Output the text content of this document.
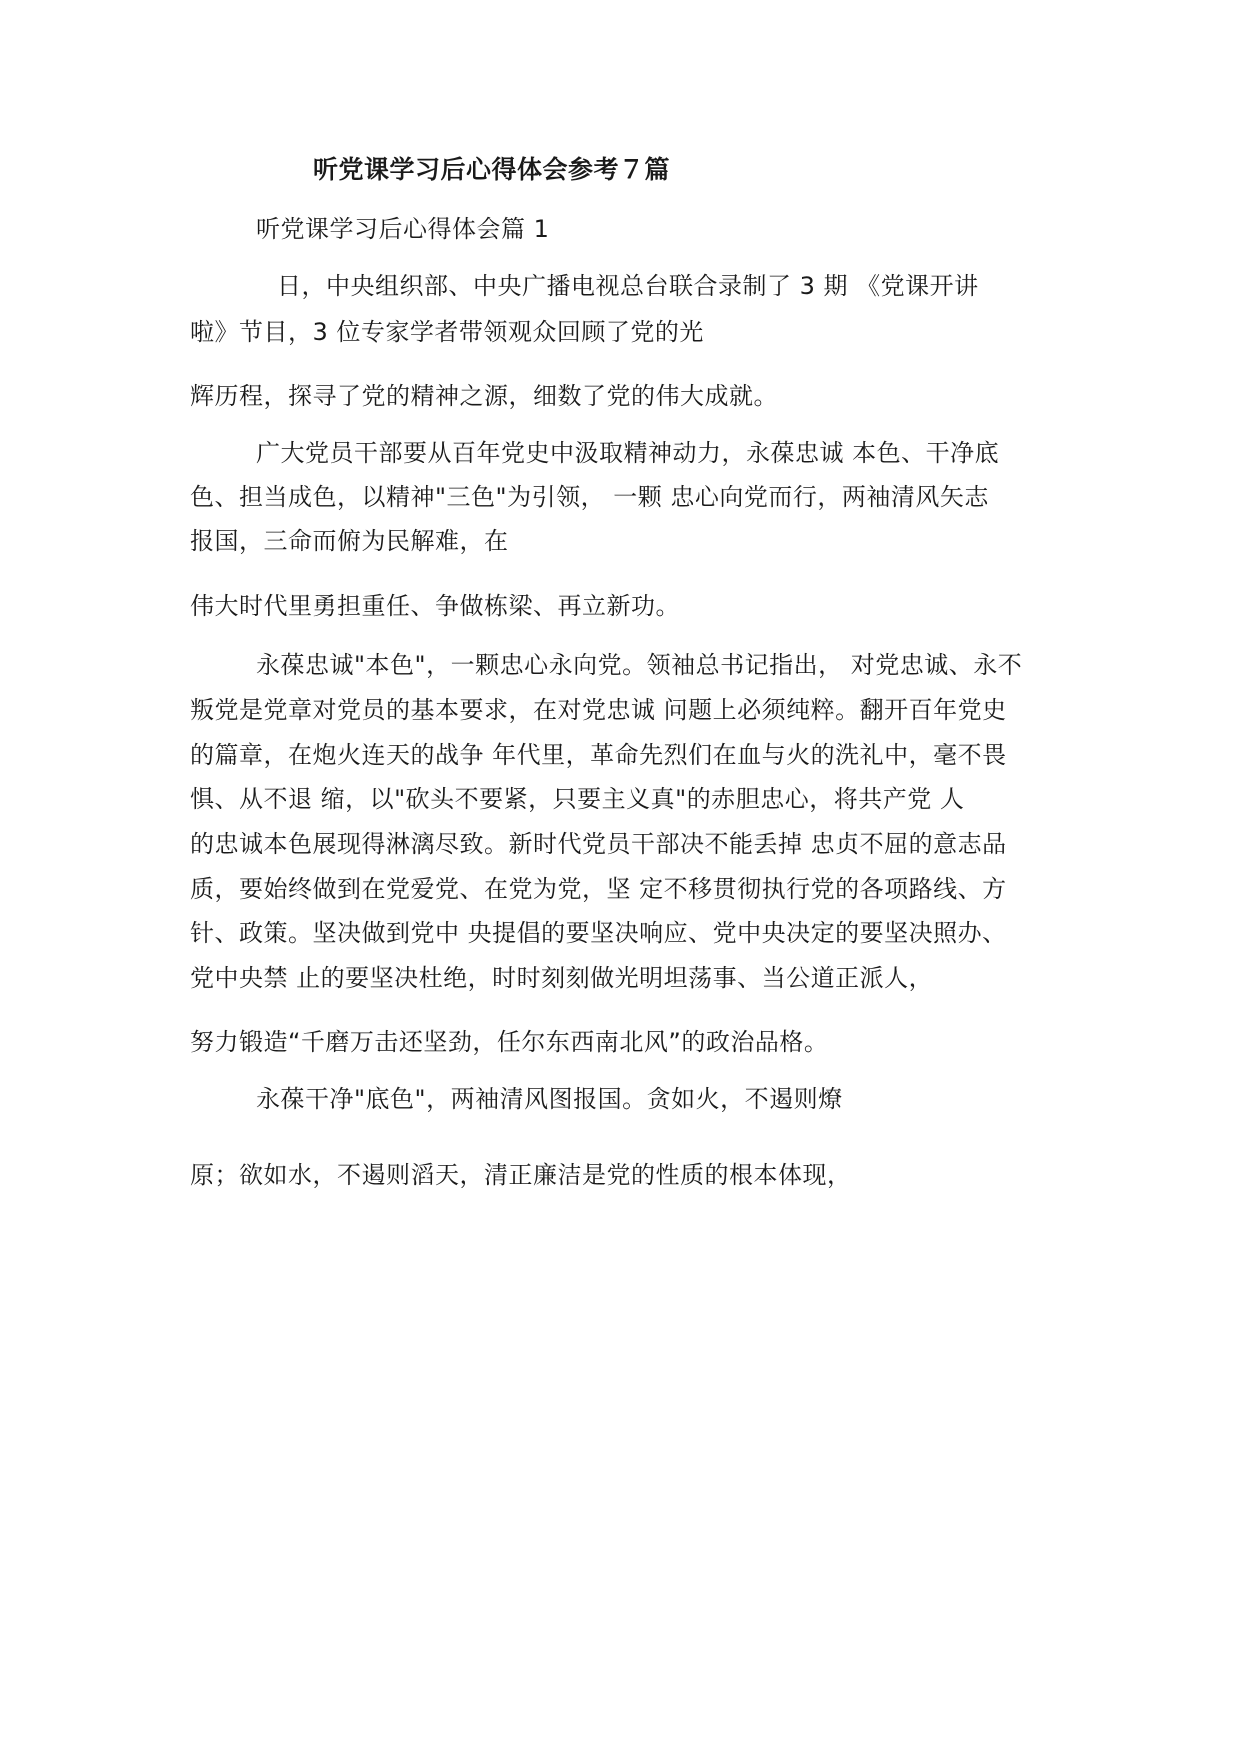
听党课学习后心得体会参考７篇
听党课学习后心得体会篇 1
日，中央组织部、中央广播电视总台联合录制了 3 期 《党课开讲
啦》节目，3 位专家学者带领观众回顾了党的光
辉历程，探寻了党的精神之源，细数了党的伟大成就。
广大党员干部要从百年党史中汲取精神动力，永葆忠诚 本色、干净底
色、担当成色，以精神"三色"为引领， 一颗 忠心向党而行，两袖清风矢志
报国，三命而俯为民解难，在
伟大时代里勇担重任、争做栋梁、再立新功。
永葆忠诚"本色"，一颗忠心永向党。领袖总书记指出， 对党忠诚、永不
叛党是党章对党员的基本要求，在对党忠诚 问题上必须纯粹。翻开百年党史
的篇章，在炮火连天的战争 年代里，革命先烈们在血与火的洗礼中，毫不畏
惧、从不退 缩，以"砍头不要紧，只要主义真"的赤胆忠心，将共产党 人
的忠诚本色展现得淋漓尽致。新时代党员干部决不能丢掉 忠贞不屈的意志品
质，要始终做到在党爱党、在党为党，坚 定不移贯彻执行党的各项路线、方
针、政策。坚决做到党中 央提倡的要坚决响应、党中央决定的要坚决照办、
党中央禁 止的要坚决杜绝，时时刻刻做光明坦荡事、当公道正派人，
努力锻造“千磨万击还坚劲，任尔东西南北风”的政治品格。
永葆干净"底色"，两袖清风图报国。贪如火，不遏则燎
原；欲如水，不遏则滔天，清正廉洁是党的性质的根本体现，
